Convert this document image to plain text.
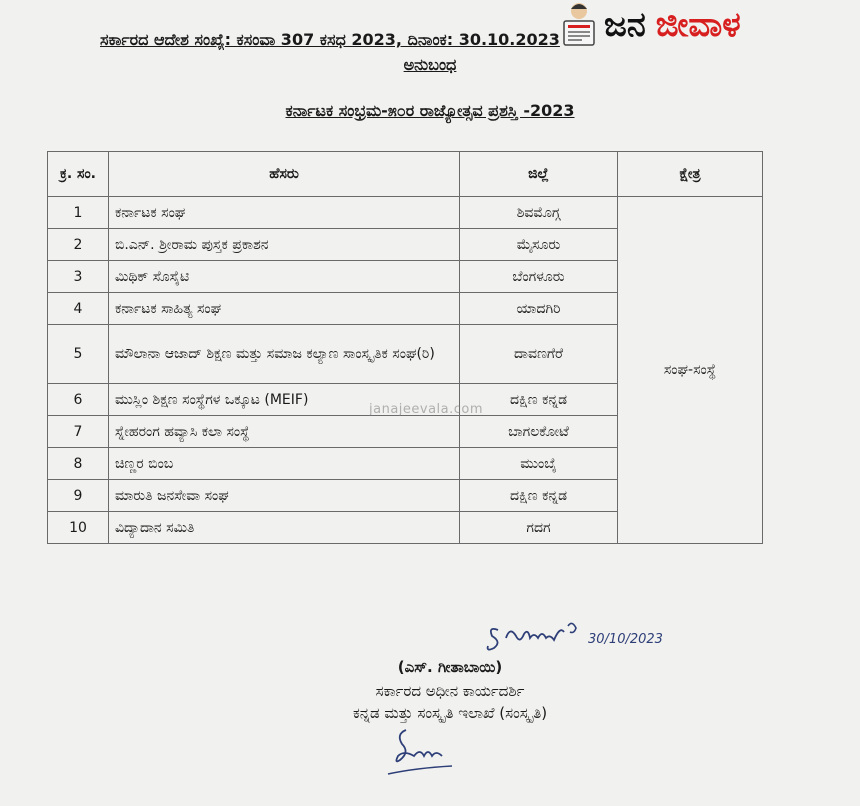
ಸರ್ಕಾರದ ಆದೇಶ ಸಂಖ್ಯೆ: ಕಸಂವಾ 307 ಕಸಧ 2023, ದಿನಾಂಕ: 30.10.2023
ಅನುಬಂಧ
ಕರ್ನಾಟಕ ಸಂಭ್ರಮ-೫೦ರ ರಾಜ್ಯೋತ್ಸವ ಪ್ರಶಸ್ತಿ -2023
ಜನ ಜೀವಾಳ
ಕ್ರ. ಸಂ.	ಹೆಸರು	ಜಿಲ್ಲೆ	ಕ್ಷೇತ್ರ
1	ಕರ್ನಾಟಕ ಸಂಘ	ಶಿವಮೊಗ್ಗ	ಸಂಘ-ಸಂಸ್ಥೆ
2	ಬಿ.ಎನ್. ಶ್ರೀರಾಮ ಪುಸ್ತಕ ಪ್ರಕಾಶನ	ಮೈಸೂರು	
3	ಮಿಥಿಕ್ ಸೊಸೈಟಿ	ಬೆಂಗಳೂರು	
4	ಕರ್ನಾಟಕ ಸಾಹಿತ್ಯ ಸಂಘ	ಯಾದಗಿರಿ	
5	ಮೌಲಾನಾ ಆಜಾದ್ ಶಿಕ್ಷಣ ಮತ್ತು ಸಮಾಜ ಕಲ್ಯಾಣ ಸಾಂಸ್ಕೃತಿಕ ಸಂಘ(ರಿ)	ದಾವಣಗೆರೆ	
6	ಮುಸ್ಲಿಂ ಶಿಕ್ಷಣ ಸಂಸ್ಥೆಗಳ ಒಕ್ಕೂಟ (MEIF)	ದಕ್ಷಿಣ ಕನ್ನಡ	
7	ಸ್ನೇಹರಂಗ ಹವ್ಯಾಸಿ ಕಲಾ ಸಂಸ್ಥೆ	ಬಾಗಲಕೋಟೆ	
8	ಚಿಣ್ಣರ ಬಿಂಬ	ಮುಂಬೈ	
9	ಮಾರುತಿ ಜನಸೇವಾ ಸಂಘ	ದಕ್ಷಿಣ ಕನ್ನಡ	
10	ವಿದ್ಯಾದಾನ ಸಮಿತಿ	ಗದಗ	
janajeevala.com
30/10/2023
(ಎಸ್. ಗೀತಾಬಾಯಿ)
ಸರ್ಕಾರದ ಅಧೀನ ಕಾರ್ಯದರ್ಶಿ
ಕನ್ನಡ ಮತ್ತು ಸಂಸ್ಕೃತಿ ಇಲಾಖೆ (ಸಂಸ್ಕೃತಿ)
